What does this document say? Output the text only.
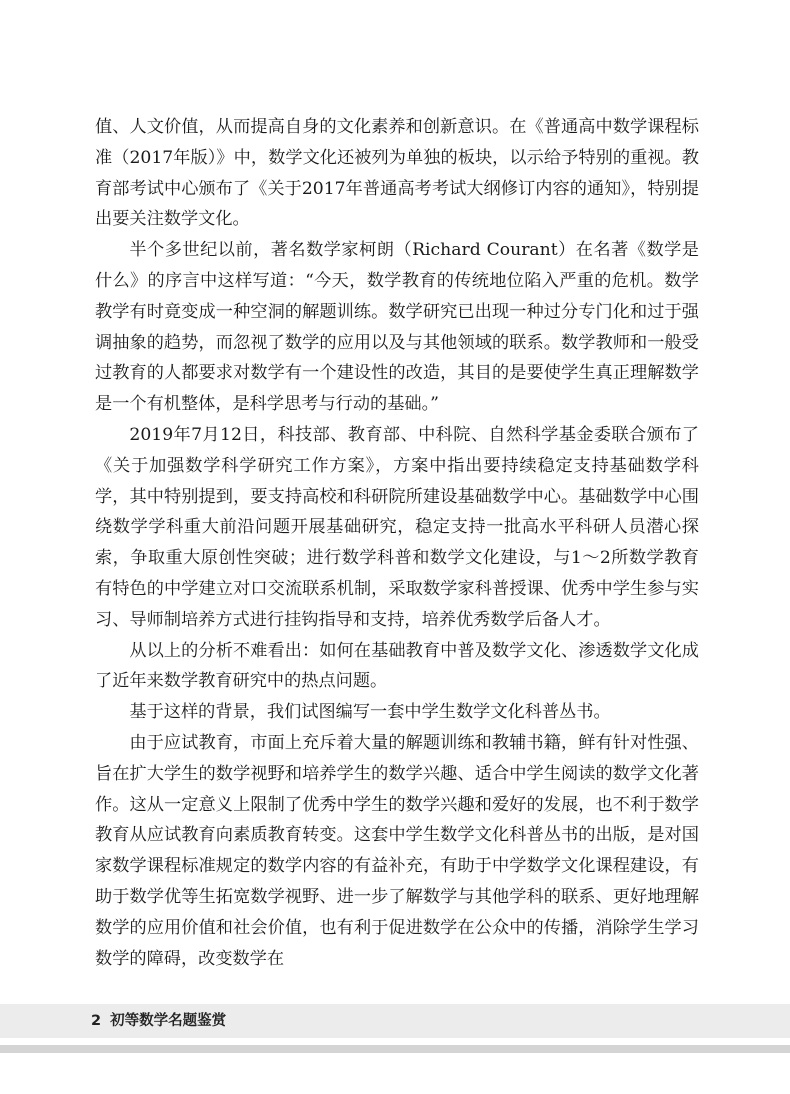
值、人文价值，从而提高自身的文化素养和创新意识。在《普通高中数学课程标准（2017年版）》中，数学文化还被列为单独的板块，以示给予特别的重视。教育部考试中心颁布了《关于2017年普通高考考试大纲修订内容的通知》，特别提出要关注数学文化。

半个多世纪以前，著名数学家柯朗（Richard Courant）在名著《数学是什么》的序言中这样写道：“今天，数学教育的传统地位陷入严重的危机。数学教学有时竟变成一种空洞的解题训练。数学研究已出现一种过分专门化和过于强调抽象的趋势，而忽视了数学的应用以及与其他领域的联系。数学教师和一般受过教育的人都要求对数学有一个建设性的改造，其目的是要使学生真正理解数学是一个有机整体，是科学思考与行动的基础。”

2019年7月12日，科技部、教育部、中科院、自然科学基金委联合颁布了《关于加强数学科学研究工作方案》，方案中指出要持续稳定支持基础数学科学，其中特别提到，要支持高校和科研院所建设基础数学中心。基础数学中心围绕数学学科重大前沿问题开展基础研究，稳定支持一批高水平科研人员潜心探索，争取重大原创性突破；进行数学科普和数学文化建设，与1～2所数学教育有特色的中学建立对口交流联系机制，采取数学家科普授课、优秀中学生参与实习、导师制培养方式进行挂钩指导和支持，培养优秀数学后备人才。

从以上的分析不难看出：如何在基础教育中普及数学文化、渗透数学文化成了近年来数学教育研究中的热点问题。

基于这样的背景，我们试图编写一套中学生数学文化科普丛书。

由于应试教育，市面上充斥着大量的解题训练和教辅书籍，鲜有针对性强、旨在扩大学生的数学视野和培养学生的数学兴趣、适合中学生阅读的数学文化著作。这从一定意义上限制了优秀中学生的数学兴趣和爱好的发展，也不利于数学教育从应试教育向素质教育转变。这套中学生数学文化科普丛书的出版，是对国家数学课程标准规定的数学内容的有益补充，有助于中学数学文化课程建设，有助于数学优等生拓宽数学视野、进一步了解数学与其他学科的联系、更好地理解数学的应用价值和社会价值，也有利于促进数学在公众中的传播，消除学生学习数学的障碍，改变数学在

2 初等数学名题鉴赏
